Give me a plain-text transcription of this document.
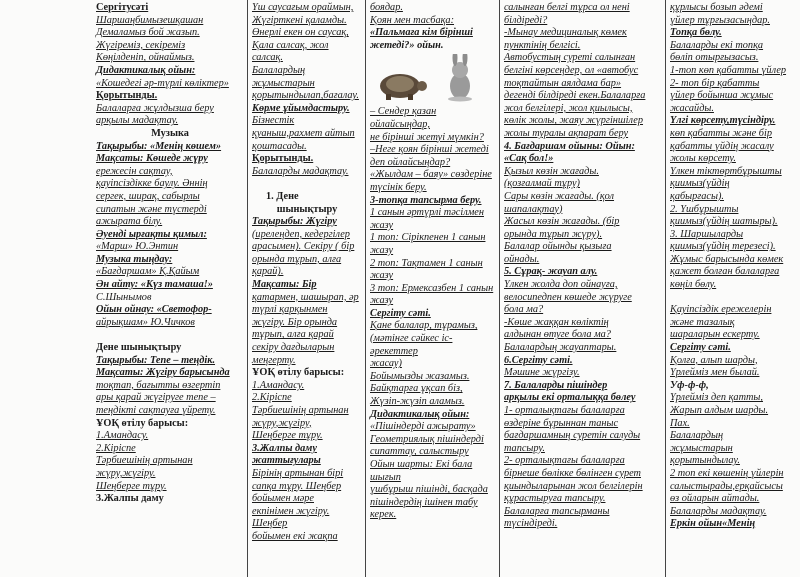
Сергітусәті

Шаршаңбимызешқашан

Демаламыз бой жазып.

Жүгіреміз, секіреміз

Көңілденіп, ойнаймыз.

Дидактикалық ойын:

«Кошедегі әр-түрлі көліктер»

Қорытынды.

Балаларға жұлдызша беру

арқылы мадақтау.

Музыка

Тақырыбы: «Менің көшем»

Мақсаты: Көшеде жүру

ережесін сақтау,

қауіпсіздікке баулу. Әннің

сергек, ширақ, сабырлы

сипатын және түстерді

ажырата білу.

Әуенді ырғақты қимыл:

«Марш» Ю.Энтин

Музыка тыңдау:

«Бағдаршам» Қ.Қайым

Ән айту: «Күз тамаша!»

С.Шынымов

Ойын ойнау: «Светофор-

айрықшам» Ю.Чичков

Дене шынықтыру

Тақырыбы: Тепе – теңдік.

Мақсаты: Жүгіру барысында

тоқтап, бағытты өзгертіп

ары қарай жүгіруге тепе –

теңдікті сақтауға үйрету.

ҰОҚ өтілу барысы:

1.Амандасу.

2.Кіріспе

Тәрбиешінің артынан

жүру,жүгіру.

Шеңберге тұру.

3.Жалпы даму

Үш саусағым ораймын,

Жүгірткені қаламды.

Өнерлі екен он саусақ,

Қала салсақ, жол

салсақ.

Балалардың

жұмыстарын

қорытындылап,бағалау.

Көрме ұйымдастыру.

Бізнестік

қуаныш,рахмет айтып

қоштасады.

Қорытынды.

Балаларды мадақтау.

1. Дене

шынықтыру

Тақырыбы: Жүгіру

(ирелеңдеп, кедергілер

арасымен). Секіру ( бір

орында тұрып, алға

қарай).

Мақсаты: Бір

қатармен, шашырап, әр

түрлі қарқынмен

жүгіру. Бір орында

тұрып, алға қарай

секіру дағдыларын

меңгерту.

ҰОҚ өтілу барысы:

1.Амандасу.

2.Кіріспе

Тәрбиешінің артынан

жүру,жүгіру,

Шеңберге тұру.

3.Жалпы даму

жаттығулары

Бірінің артынан бірі

сапқа тұру. Шеңбер

бойымен мәре

екпінімен жүгіру. Шеңбер

бойымен екі жақпа

боядар.

Қоян мен тасбақа:

«Пальмаға кім бірінші

жетеді?» ойын.

– Сендер қазан ойлайсыңдар,

не бірінші жетуі мүмкін?

–Неге қоян бірінші жетеді

деп ойлайсыңдар?

«Жылдам – баяу» сөздеріне

түсінік беру.

3-топқа тапсырма беру.

1 санын әртүрлі тәсілмен

жазу

1 топ: Сірікпенен 1 санын

жазу

2 топ: Тақтамен 1 санын

жазу

3 топ: Ермексазбен 1 санын

жазу

Сергіту сәті.

Қане балалар, тұрамыз,

(мәтінге сәйкес іс-әрекеттер

жасау)

Бойымызды жазамыз.

Байқтарға ұқсап біз,

Жүзіп-жүзіп аламыз.

Дидактикалық ойын:

«Пішіндерді ажырату»

Геометриялық пішіндерді

сипаттау, салыстыру

Ойын шарты: Екі бала шығып

үшбұрыш пішінді, басқада

пішіндердің ішінен табу

керек.

салынған белгі тұрса ол нені

білдіреді?

-Мынау медициналық көмек

пунктінің белгісі.

Автобустың суреті салынған

белгіні көрсеңдер, ол «автобус

тоқтайтын аялдама бар»

дегенді білдіреді екен.Балаларға

жол белгілері, жол қиылысы,

көлік жолы, жаяу жүргіншілер

жолы туралы ақпарат беру

4. Бағдаршам ойыны: Ойын:

«Сақ бол!»

Қызыл көзін жағады.

(қозғалмай тұру)

Сары көзін жағады. (қол

шапалақтау)

Жасыл көзін жағады. (бір

орында тұрып жүру).

Балалар ойынды қызыға

ойнады.

5. Сұрақ- жауап алу.

Үлкен жолда доп ойнауға,

велосипедпен көшеде жүруге

бола ма?

-Көше жаққан көліктің

алдынан өтуге бола ма?

Балалардың жауаптары.

6.Сергіту сәті.

Мәшине жүргізу.

7. Балаларды пішіндер

арқылы екі орталыққа бөлеу

1- орталықтағы балаларға

өздеріне бұрыннан таныс

бағдаршамның суретін салуды

тапсыру.

2- орталықтағы балаларға

бірнеше бөлікке бөлінген сурет

қиындыларынан жол белгілерін

құрастыруға тапсыру.

Балаларға тапсырманы

түсіндіреді.

құрлысы бозып әдемі

үйлер тұрғызасыңдар.

Топқа бөлу.

Балаларды екі топқа

бөліп отырғызасыз.

1-топ көп қабатты үйлер

2- топ бір қабатты

үйлер бойынша жұмыс

жасайды.

Үлгі көрсету,түсіндіру.

көп қабатты және бір

қабатты үйдің жасалу

жолы көрсету.

Үлкен тіктөртбұрышты

қиимыз(үйдің

қабырғасы).

2. Үшбұрышты

қиимыз(үйдің шатыры).

3. Шаршыларды

қиимыз(үйдің терезесі).

Жұмыс барысында көмек

қажет болған балаларға

көңіл бөлу.

Қауіпсіздік ережелерін

және тазалық

шараларын ескерту.

Сергіту сәті.

Қолға, алып шарды,

Үрлейміз мен былай.

Уф-ф-ф,

Үрлейміз деп қатты,

Жарып алдым шарды.

Пах.

Балалардың

жұмыстарын

қорытындылау.

2 топ екі көшенің үйлерін

салыстырады,ерқайсысы

өз ойларын айтады.

Балаларды мадақтау.

Еркін ойын«Менің
